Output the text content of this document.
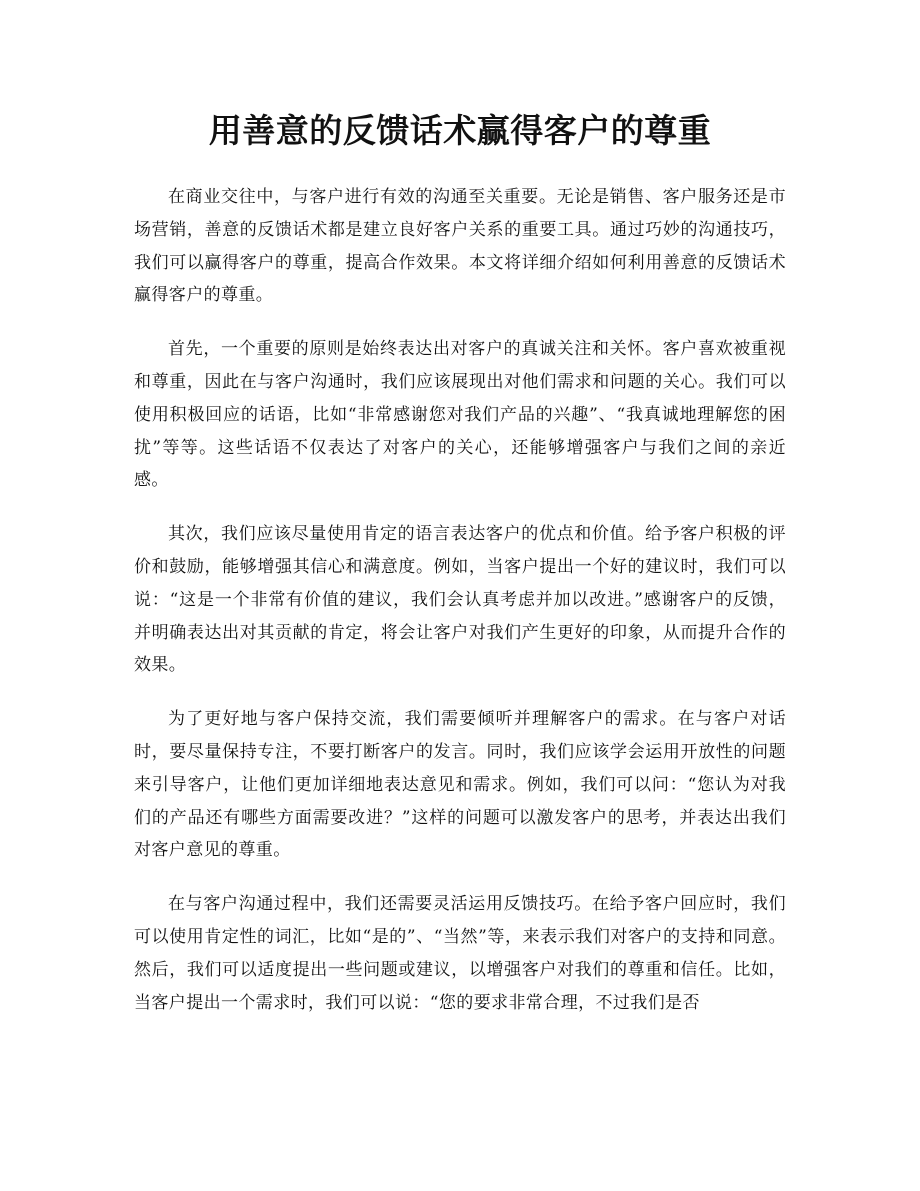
用善意的反馈话术赢得客户的尊重

在商业交往中，与客户进行有效的沟通至关重要。无论是销售、客户服务还是市场营销，善意的反馈话术都是建立良好客户关系的重要工具。通过巧妙的沟通技巧，我们可以赢得客户的尊重，提高合作效果。本文将详细介绍如何利用善意的反馈话术赢得客户的尊重。

首先，一个重要的原则是始终表达出对客户的真诚关注和关怀。客户喜欢被重视和尊重，因此在与客户沟通时，我们应该展现出对他们需求和问题的关心。我们可以使用积极回应的话语，比如“非常感谢您对我们产品的兴趣”、“我真诚地理解您的困扰”等等。这些话语不仅表达了对客户的关心，还能够增强客户与我们之间的亲近感。

其次，我们应该尽量使用肯定的语言表达客户的优点和价值。给予客户积极的评价和鼓励，能够增强其信心和满意度。例如，当客户提出一个好的建议时，我们可以说：“这是一个非常有价值的建议，我们会认真考虑并加以改进。”感谢客户的反馈，并明确表达出对其贡献的肯定，将会让客户对我们产生更好的印象，从而提升合作的效果。

为了更好地与客户保持交流，我们需要倾听并理解客户的需求。在与客户对话时，要尽量保持专注，不要打断客户的发言。同时，我们应该学会运用开放性的问题来引导客户，让他们更加详细地表达意见和需求。例如，我们可以问：“您认为对我们的产品还有哪些方面需要改进？”这样的问题可以激发客户的思考，并表达出我们对客户意见的尊重。

在与客户沟通过程中，我们还需要灵活运用反馈技巧。在给予客户回应时，我们可以使用肯定性的词汇，比如“是的”、“当然”等，来表示我们对客户的支持和同意。然后，我们可以适度提出一些问题或建议，以增强客户对我们的尊重和信任。比如，当客户提出一个需求时，我们可以说：“您的要求非常合理，不过我们是否
